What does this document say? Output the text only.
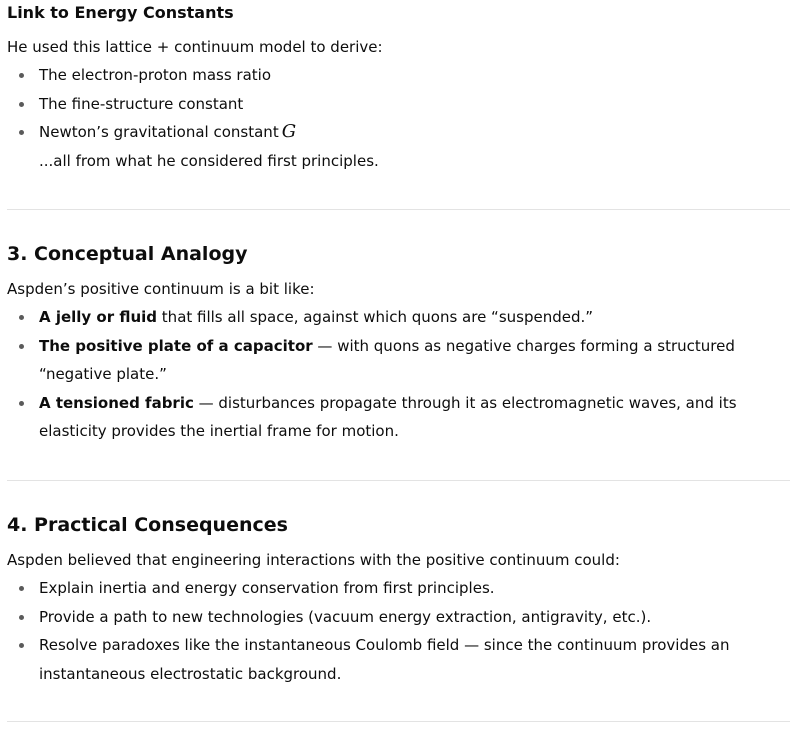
Link to Energy Constants

He used this lattice + continuum model to derive:

The electron-proton mass ratio
The fine-structure constant
Newton’s gravitational constant G
...all from what he considered first principles.
3. Conceptual Analogy

Aspden’s positive continuum is a bit like:

A jelly or fluid that fills all space, against which quons are “suspended.”
The positive plate of a capacitor — with quons as negative charges forming a structured “negative plate.”
A tensioned fabric — disturbances propagate through it as electromagnetic waves, and its elasticity provides the inertial frame for motion.
4. Practical Consequences

Aspden believed that engineering interactions with the positive continuum could:

Explain inertia and energy conservation from first principles.
Provide a path to new technologies (vacuum energy extraction, antigravity, etc.).
Resolve paradoxes like the instantaneous Coulomb field — since the continuum provides an instantaneous electrostatic background.
